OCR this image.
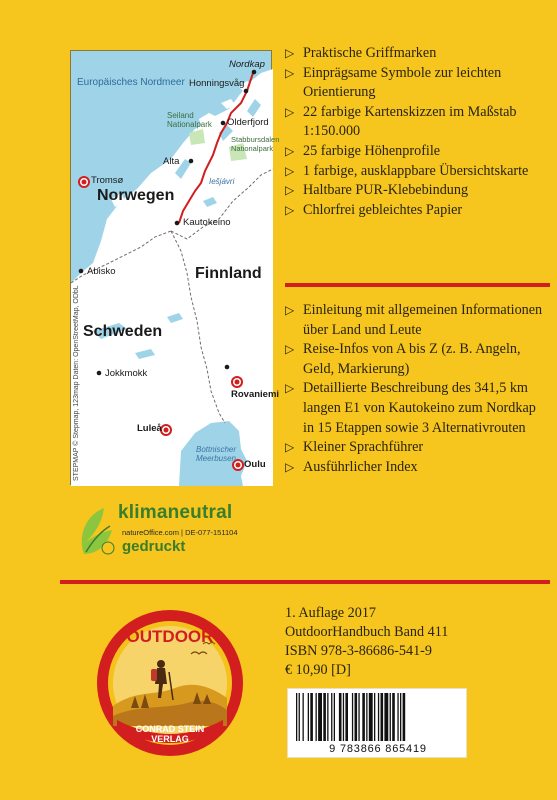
Europäisches Nordmeer
Nordkap
Honningsvåg
Olderfjord
Seiland Nationalpark
Stabbursdalen Nationalpark
Alta
Iešjávri
Tromsø
Norwegen
Kautokeino
Finnland
Abisko
Schweden
Jokkmokk
Rovaniemi
Luleå
Bottnischer Meerbusen
Oulu
STEPMAP © Stepmap, 123map Daten: OpenStreetMap, ODbL
klimaneutral
natureOffice.com | DE-077-151104
gedruckt
▷ Praktische Griffmarken
▷ Einprägsame Symbole zur leichten Orientierung
▷ 22 farbige Kartenskizzen im Maßstab 1:150.000
▷ 25 farbige Höhenprofile
▷ 1 farbige, ausklappbare Übersichtskarte
▷ Haltbare PUR-Klebebindung
▷ Chlorfrei gebleichtes Papier
▷ Einleitung mit allgemeinen Informationen über Land und Leute
▷ Reise-Infos von A bis Z (z. B. Angeln, Geld, Markierung)
▷ Detaillierte Beschreibung des 341,5 km langen E1 von Kautokeino zum Nordkap in 15 Etappen sowie 3 Alternativrouten
▷ Kleiner Sprachführer
▷ Ausführlicher Index
OUTDOOR
CONRAD STEIN
VERLAG
1. Auflage 2017
OutdoorHandbuch Band 411
ISBN 978-3-86686-541-9
€ 10,90 [D]
9 783866 865419
